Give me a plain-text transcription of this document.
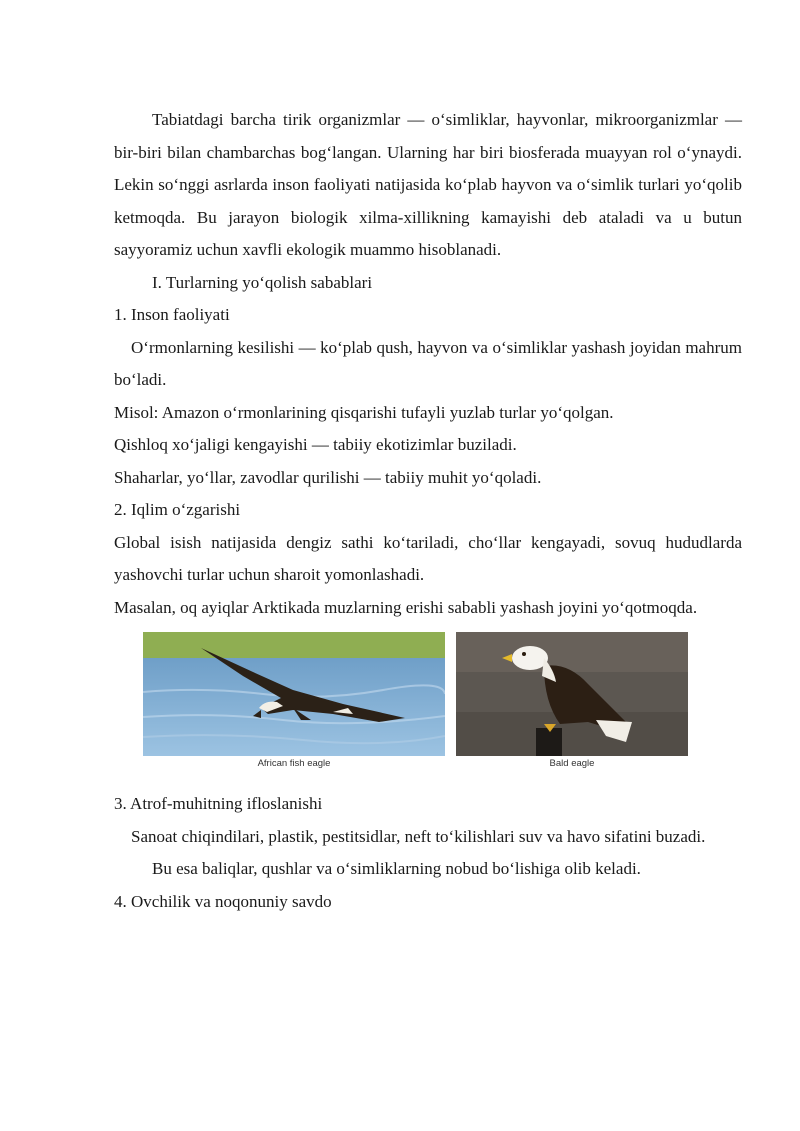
Tabiatdagi barcha tirik organizmlar — o‘simliklar, hayvonlar, mikroorganizmlar — bir-biri bilan chambarchas bog‘langan. Ularning har biri biosferada muayyan rol o‘ynaydi. Lekin so‘nggi asrlarda inson faoliyati natijasida ko‘plab hayvon va o‘simlik turlari yo‘qolib ketmoqda. Bu jarayon biologik xilma-xillikning kamayishi deb ataladi va u butun sayyoramiz uchun xavfli ekologik muammo hisoblanadi.

I. Turlarning yo‘qolish sabablari

1. Inson faoliyati

O‘rmonlarning kesilishi — ko‘plab qush, hayvon va o‘simliklar yashash joyidan mahrum bo‘ladi.

Misol: Amazon o‘rmonlarining qisqarishi tufayli yuzlab turlar yo‘qolgan.

Qishloq xo‘jaligi kengayishi — tabiiy ekotizimlar buziladi.

Shaharlar, yo‘llar, zavodlar qurilishi — tabiiy muhit yo‘qoladi.

2. Iqlim o‘zgarishi

Global isish natijasida dengiz sathi ko‘tariladi, cho‘llar kengayadi, sovuq hududlarda yashovchi turlar uchun sharoit yomonlashadi.

Masalan, oq ayiqlar Arktikada muzlarning erishi sababli yashash joyini yo‘qotmoqda.

African fish eagle	Bald eagle

3. Atrof-muhitning ifloslanishi

Sanoat chiqindilari, plastik, pestitsidlar, neft to‘kilishlari suv va havo sifatini buzadi.

Bu esa baliqlar, qushlar va o‘simliklarning nobud bo‘lishiga olib keladi.

4. Ovchilik va noqonuniy savdo
